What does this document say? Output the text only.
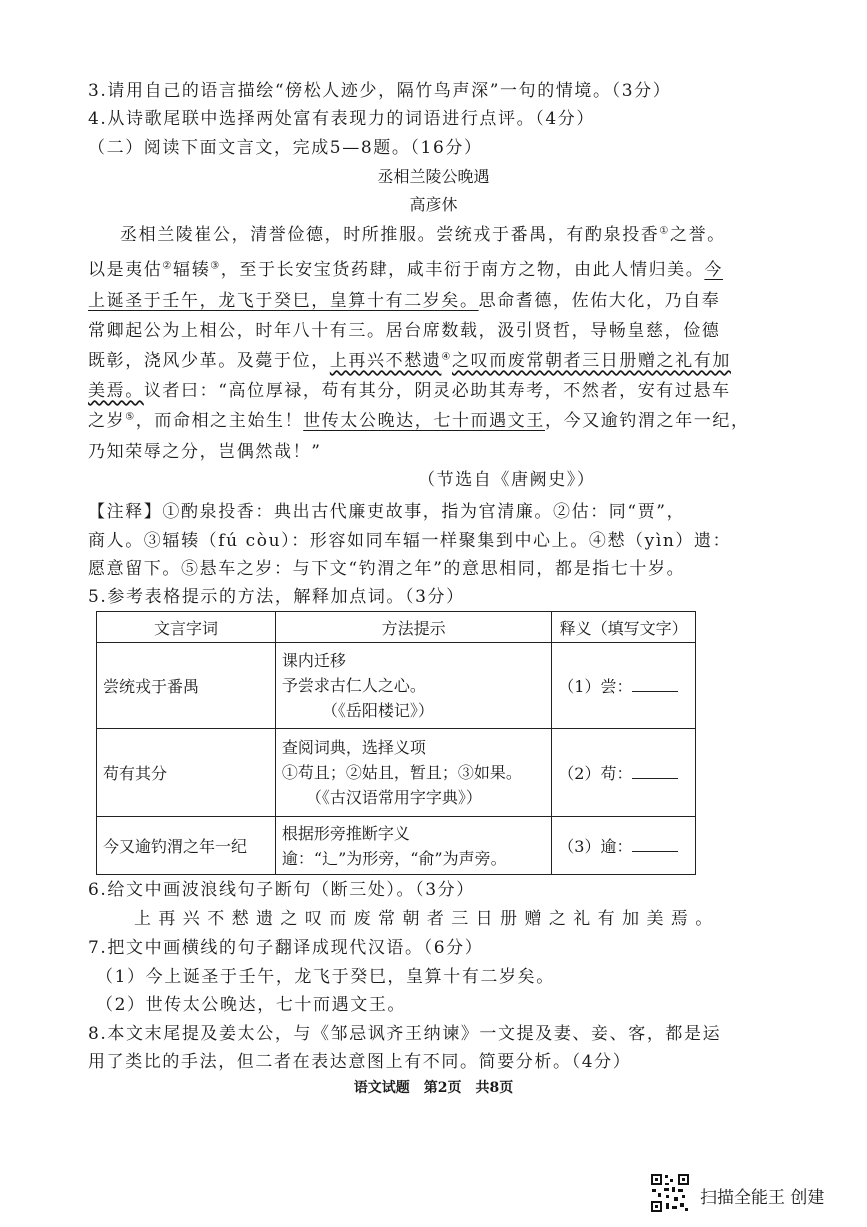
3.请用自己的语言描绘“傍松人迹少，隔竹鸟声深”一句的情境。（3分）
4.从诗歌尾联中选择两处富有表现力的词语进行点评。（4分）
（二）阅读下面文言文，完成5—8题。（16分）
丞相兰陵公晚遇
高彦休
丞相兰陵崔公，清誉俭德，时所推服。尝统戎于番禺，有酌泉投香①之誉。
以是夷估②辐辏③，至于长安宝货药肆，咸丰衍于南方之物，由此人情归美。今
上诞圣于壬午，龙飞于癸巳，皇算十有二岁矣。思命耆德，佐佑大化，乃自奉
常卿起公为上相公，时年八十有三。居台席数载，汲引贤哲，导畅皇慈，俭德
既彰，浇风少革。及薨于位，上再兴不慭遗④之叹而废常朝者三日册赠之礼有加
美焉。议者曰：“高位厚禄，苟有其分，阴灵必助其寿考，不然者，安有过悬车
之岁⑤，而命相之主始生！世传太公晚达，七十而遇文王，今又逾钓渭之年一纪，
乃知荣辱之分，岂偶然哉！”
（节选自《唐阙史》）
【注释】①酌泉投香：典出古代廉吏故事，指为官清廉。②估：同“贾”，
商人。③辐辏（fú còu）：形容如同车辐一样聚集到中心上。④慭（yìn）遗：
愿意留下。⑤悬车之岁：与下文“钓渭之年”的意思相同，都是指七十岁。
5.参考表格提示的方法，解释加点词。（3分）
文言字词	方法提示	释义（填写文字）
尝统戎于番禺	课内迁移
予尝求古仁人之心。
（《岳阳楼记》）	（1）尝：
苟有其分	查阅词典，选择义项
①苟且；②姑且，暂且；③如果。
（《古汉语常用字字典》）	（2）苟：
今又逾钓渭之年一纪	根据形旁推断字义
逾：“辶”为形旁，“俞”为声旁。	（3）逾：
6.给文中画波浪线句子断句（断三处）。（3分）
上 再 兴 不 慭 遗 之 叹 而 废 常 朝 者 三 日 册 赠 之 礼 有 加 美 焉 。
7.把文中画横线的句子翻译成现代汉语。（6分）
（1）今上诞圣于壬午，龙飞于癸巳，皇算十有二岁矣。
（2）世传太公晚达，七十而遇文王。
8.本文末尾提及姜太公，与《邹忌讽齐王纳谏》一文提及妻、妾、客，都是运
用了类比的手法，但二者在表达意图上有不同。简要分析。（4分）
语文试题　第2页　共8页
扫描全能王 创建
